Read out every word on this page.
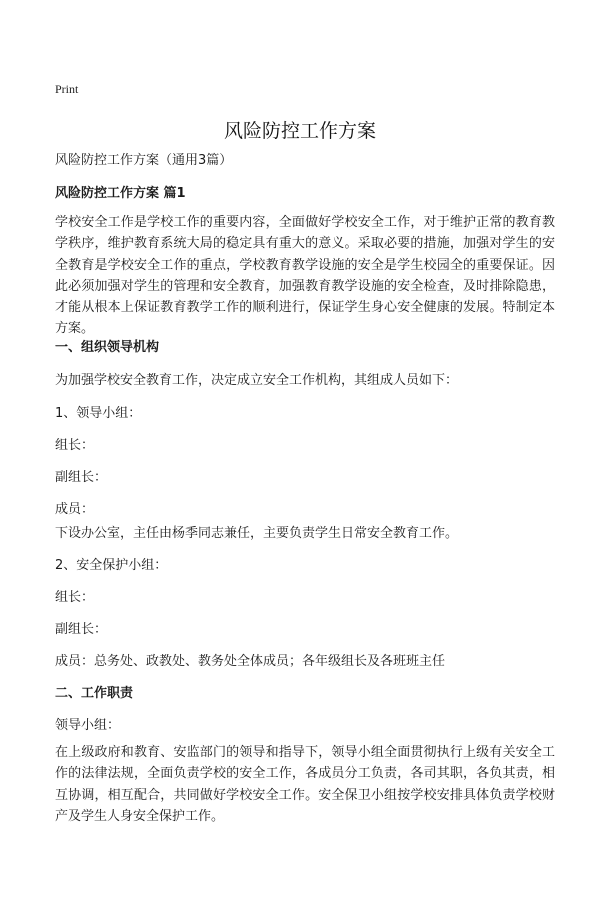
Print
风险防控工作方案
风险防控工作方案（通用3篇）
风险防控工作方案 篇1
学校安全工作是学校工作的重要内容，全面做好学校安全工作，对于维护正常的教育教学秩序，维护教育系统大局的稳定具有重大的意义。采取必要的措施，加强对学生的安全教育是学校安全工作的重点，学校教育教学设施的安全是学生校园全的重要保证。因此必须加强对学生的管理和安全教育，加强教育教学设施的安全检查，及时排除隐患，才能从根本上保证教育教学工作的顺利进行，保证学生身心安全健康的发展。特制定本方案。
一、组织领导机构
为加强学校安全教育工作，决定成立安全工作机构，其组成人员如下：
1、领导小组：
组长：
副组长：
成员：
下设办公室，主任由杨季同志兼任，主要负责学生日常安全教育工作。
2、安全保护小组：
组长：
副组长：
成员：总务处、政教处、教务处全体成员；各年级组长及各班班主任
二、工作职责
领导小组：
在上级政府和教育、安监部门的领导和指导下，领导小组全面贯彻执行上级有关安全工作的法律法规，全面负责学校的安全工作，各成员分工负责，各司其职，各负其责，相互协调，相互配合，共同做好学校安全工作。安全保卫小组按学校安排具体负责学校财产及学生人身安全保护工作。
